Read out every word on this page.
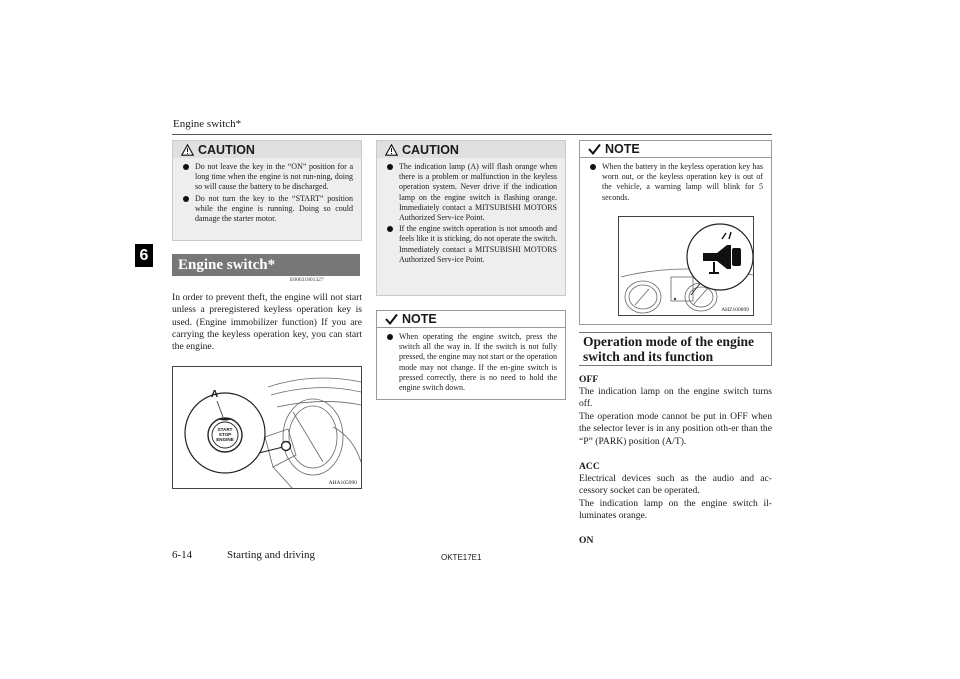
Engine switch*
6
CAUTION
Do not leave the key in the “ON” position for a long time when the engine is not run-ning, doing so will cause the battery to be discharged.
Do not turn the key to the “START” position while the engine is running. Doing so could damage the starter motor.
Engine switch*
E00631801327
In order to prevent theft, the engine will not start unless a preregistered keyless operation key is used. (Engine immobilizer function) If you are carrying the keyless operation key, you can start the engine.
A
START
STOP
ENGINE
AHA105990
CAUTION
The indication lamp (A) will flash orange when there is a problem or malfunction in the keyless operation system. Never drive if the indication lamp on the engine switch is flashing orange. Immediately contact a MITSUBISHI MOTORS Authorized Serv-ice Point.
If the engine switch operation is not smooth and feels like it is sticking, do not operate the switch. Immediately contact a MITSUBISHI MOTORS Authorized Serv-ice Point.
NOTE
When operating the engine switch, press the switch all the way in. If the switch is not fully pressed, the engine may not start or the operation mode may not change. If the en-gine switch is pressed correctly, there is no need to hold the engine switch down.
NOTE
When the battery in the keyless operation key has worn out, or the keyless operation key is out of the vehicle, a warning lamp will blink for 5 seconds.
AHZ100899
Operation mode of the engine
switch and its function
OFF
The indication lamp on the engine switch turns off.
The operation mode cannot be put in OFF when the selector lever is in any position oth-er than the “P” (PARK) position (A/T).
ACC
Electrical devices such as the audio and ac-cessory socket can be operated.
The indication lamp on the engine switch il-luminates orange.
ON
6-14	Starting and driving	OKTE17E1
